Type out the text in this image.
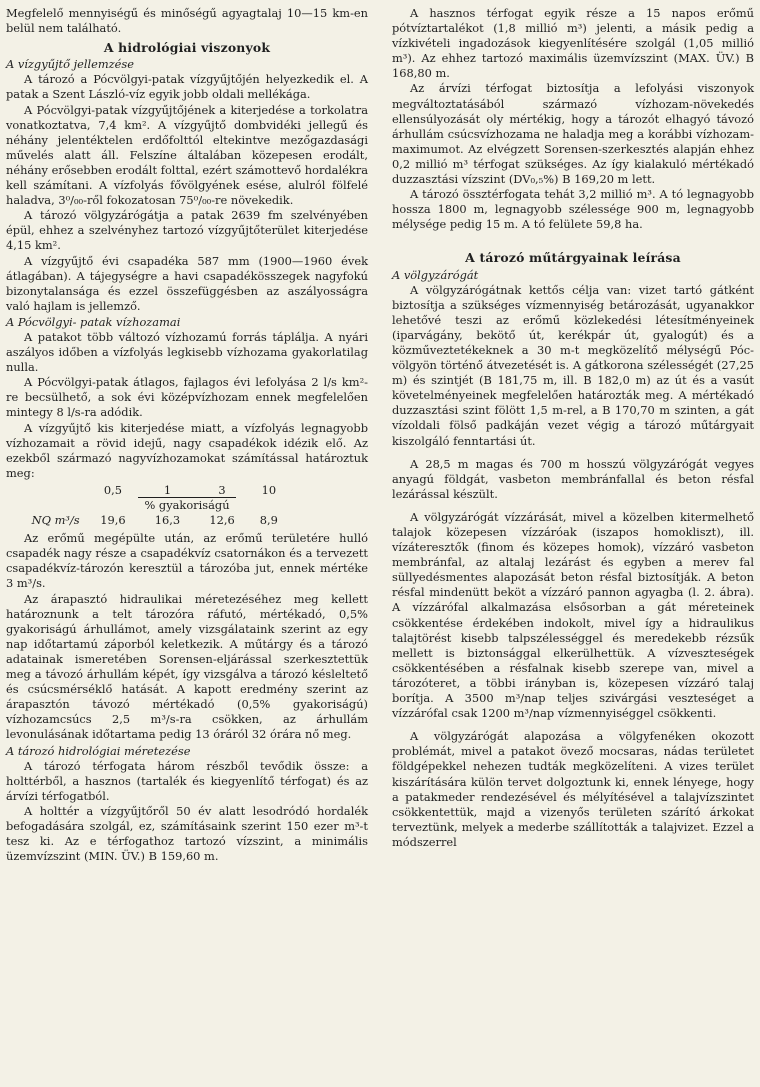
Megfelelő mennyiségű és minőségű agyagtalaj 10—15 km-en belül nem található.

A hidrológiai viszonyok
A vízgyűjtő jellemzése

A tározó a Pócvölgyi-patak vízgyűjtőjén helyezkedik el. A patak a Szent László-víz egyik jobb oldali mellékága.

A Pócvölgyi-patak vízgyűjtőjének a kiterjedése a torkolatra vonatkoztatva, 7,4 km². A vízgyűjtő dombvidéki jellegű és néhány jelentéktelen erdőfolttól eltekintve mezőgazdasági művelés alatt áll. Felszíne általában közepesen erodált, néhány erősebben erodált folttal, ezért számottevő hordalékra kell számítani. A vízfolyás fővölgyének esése, alulról fölfelé haladva, 3⁰/₀₀-ről fokozatosan 75⁰/₀₀-re növekedik.

A tározó völgyzárógátja a patak 2639 fm szelvényében épül, ehhez a szelvényhez tartozó vízgyűjtőterület kiterjedése 4,15 km².

A vízgyűjtő évi csapadéka 587 mm (1900—1960 évek átlagában). A tájegységre a havi csapadékösszegek nagyfokú bizonytalansága és ezzel összefüggésben az aszályosságra való hajlam is jellemző.

A Pócvölgyi- patak vízhozamai

A patakot több változó vízhozamú forrás táplálja. A nyári aszályos időben a vízfolyás legkisebb vízhozama gyakorlatilag nulla.

A Pócvölgyi-patak átlagos, fajlagos évi lefolyása 2 l/s km²-re becsülhető, a sok évi középvízhozam ennek megfelelően mintegy 8 l/s-ra adódik.

A vízgyűjtő kis kiterjedése miatt, a vízfolyás legnagyobb vízhozamait a rövid idejű, nagy csapadékok idézik elő. Az ezekből származó nagyvízhozamokat számítással határoztuk meg:

	0,5	1	3	10	
	% gyakoriságú				
NQ m³/s	19,6	16,3	12,6	8,9	

Az erőmű megépülte után, az erőmű területére hulló csapadék nagy része a csapadékvíz csatornákon és a tervezett csapadékvíz-tározón keresztül a tározóba jut, ennek mértéke 3 m³/s.

Az árapasztó hidraulikai méretezéséhez meg kellett határoznunk a telt tározóra ráfutó, mértékadó, 0,5% gyakoriságú árhullámot, amely vizsgálataink szerint az egy nap időtartamú záporból keletkezik. A műtárgy és a tározó adatainak ismeretében Sorensen-eljárással szerkesztettük meg a távozó árhullám képét, így vizsgálva a tározó késleltető és csúcsmérséklő hatását. A kapott eredmény szerint az árapasztón távozó mértékadó (0,5% gyakoriságú) vízhozamcsúcs 2,5 m³/s-ra csökken, az árhullám levonulásának időtartama pedig 13 óráról 32 órára nő meg.

A tározó hidrológiai méretezése

A tározó térfogata három részből tevődik össze: a holttérből, a hasznos (tartalék és kiegyenlítő térfogat) és az árvízi térfogatból.

A holttér a vízgyűjtőről 50 év alatt lesodródó hordalék befogadására szolgál, ez, számításaink szerint 150 ezer m³-t tesz ki. Az e térfogathoz tartozó vízszint, a minimális üzemvízszint (MIN. ÜV.) B 159,60 m.

A hasznos térfogat egyik része a 15 napos erőmű pótvíztartalékot (1,8 millió m³) jelenti, a másik pedig a vízkivételi ingadozások kiegyenlítésére szolgál (1,05 millió m³). Az ehhez tartozó maximális üzemvízszint (MAX. ÜV.) B 168,80 m.

Az árvízi térfogat biztosítja a lefolyási viszonyok megváltoztatásából származó vízhozam-növekedés ellensúlyozását oly mértékig, hogy a tározót elhagyó távozó árhullám csúcsvízhozama ne haladja meg a korábbi vízhozam-maximumot. Az elvégzett Sorensen-szerkesztés alapján ehhez 0,2 millió m³ térfogat szükséges. Az így kialakuló mértékadó duzzasztási vízszint (DV₀,₅%) B 169,20 m lett.

A tározó össztérfogata tehát 3,2 millió m³. A tó legnagyobb hossza 1800 m, legnagyobb szélessége 900 m, legnagyobb mélysége pedig 15 m. A tó felülete 59,8 ha.

A tározó műtárgyainak leírása
A völgyzárógát

A völgyzárógátnak kettős célja van: vizet tartó gátként biztosítja a szükséges vízmennyiség betározását, ugyanakkor lehetővé teszi az erőmű közlekedési létesítményeinek (iparvágány, bekötő út, kerékpár út, gyalogút) és a közműveztetékeknek a 30 m-t megközelítő mélységű Póc-völgyön történő átvezetését is. A gátkorona szélességét (27,25 m) és szintjét (B 181,75 m, ill. B 182,0 m) az út és a vasút követelményeinek megfelelően határozták meg. A mértékadó duzzasztási szint fölött 1,5 m-rel, a B 170,70 m szinten, a gát vízoldali fölső padkáján vezet végig a tározó műtárgyait kiszolgáló fenntartási út.

A 28,5 m magas és 700 m hosszú völgyzárógát vegyes anyagú földgát, vasbeton membránfallal és beton résfal lezárással készült.

A völgyzárógát vízzárását, mivel a közelben kitermelhető talajok közepesen vízzáróak (iszapos homokliszt), ill. vízáteresztők (finom és közepes homok), vízzáró vasbeton membránfal, az altalaj lezárást és egyben a merev fal süllyedésmentes alapozását beton résfal biztosítják. A beton résfal mindenütt beköt a vízzáró pannon agyagba (l. 2. ábra). A vízzárófal alkalmazása elsősorban a gát méreteinek csökkentése érdekében indokolt, mivel így a hidraulikus talajtörést kisebb talpszélességgel és meredekebb rézsűk mellett is biztonsággal elkerülhettük. A vízveszteségek csökkentésében a résfalnak kisebb szerepe van, mivel a tározóteret, a többi irányban is, közepesen vízzáró talaj borítja. A 3500 m³/nap teljes szivárgási veszteséget a vízzárófal csak 1200 m³/nap vízmennyiséggel csökkenti.

A völgyzárógát alapozása a völgyfenéken okozott problémát, mivel a patakot övező mocsaras, nádas területet földgépekkel nehezen tudták megközelíteni. A vizes terület kiszárítására külön tervet dolgoztunk ki, ennek lényege, hogy a patakmeder rendezésével és mélyítésével a talajvízszintet csökkentettük, majd a vizenyős területen szárító árkokat terveztünk, melyek a mederbe szállították a talajvizet. Ezzel a módszerrel
